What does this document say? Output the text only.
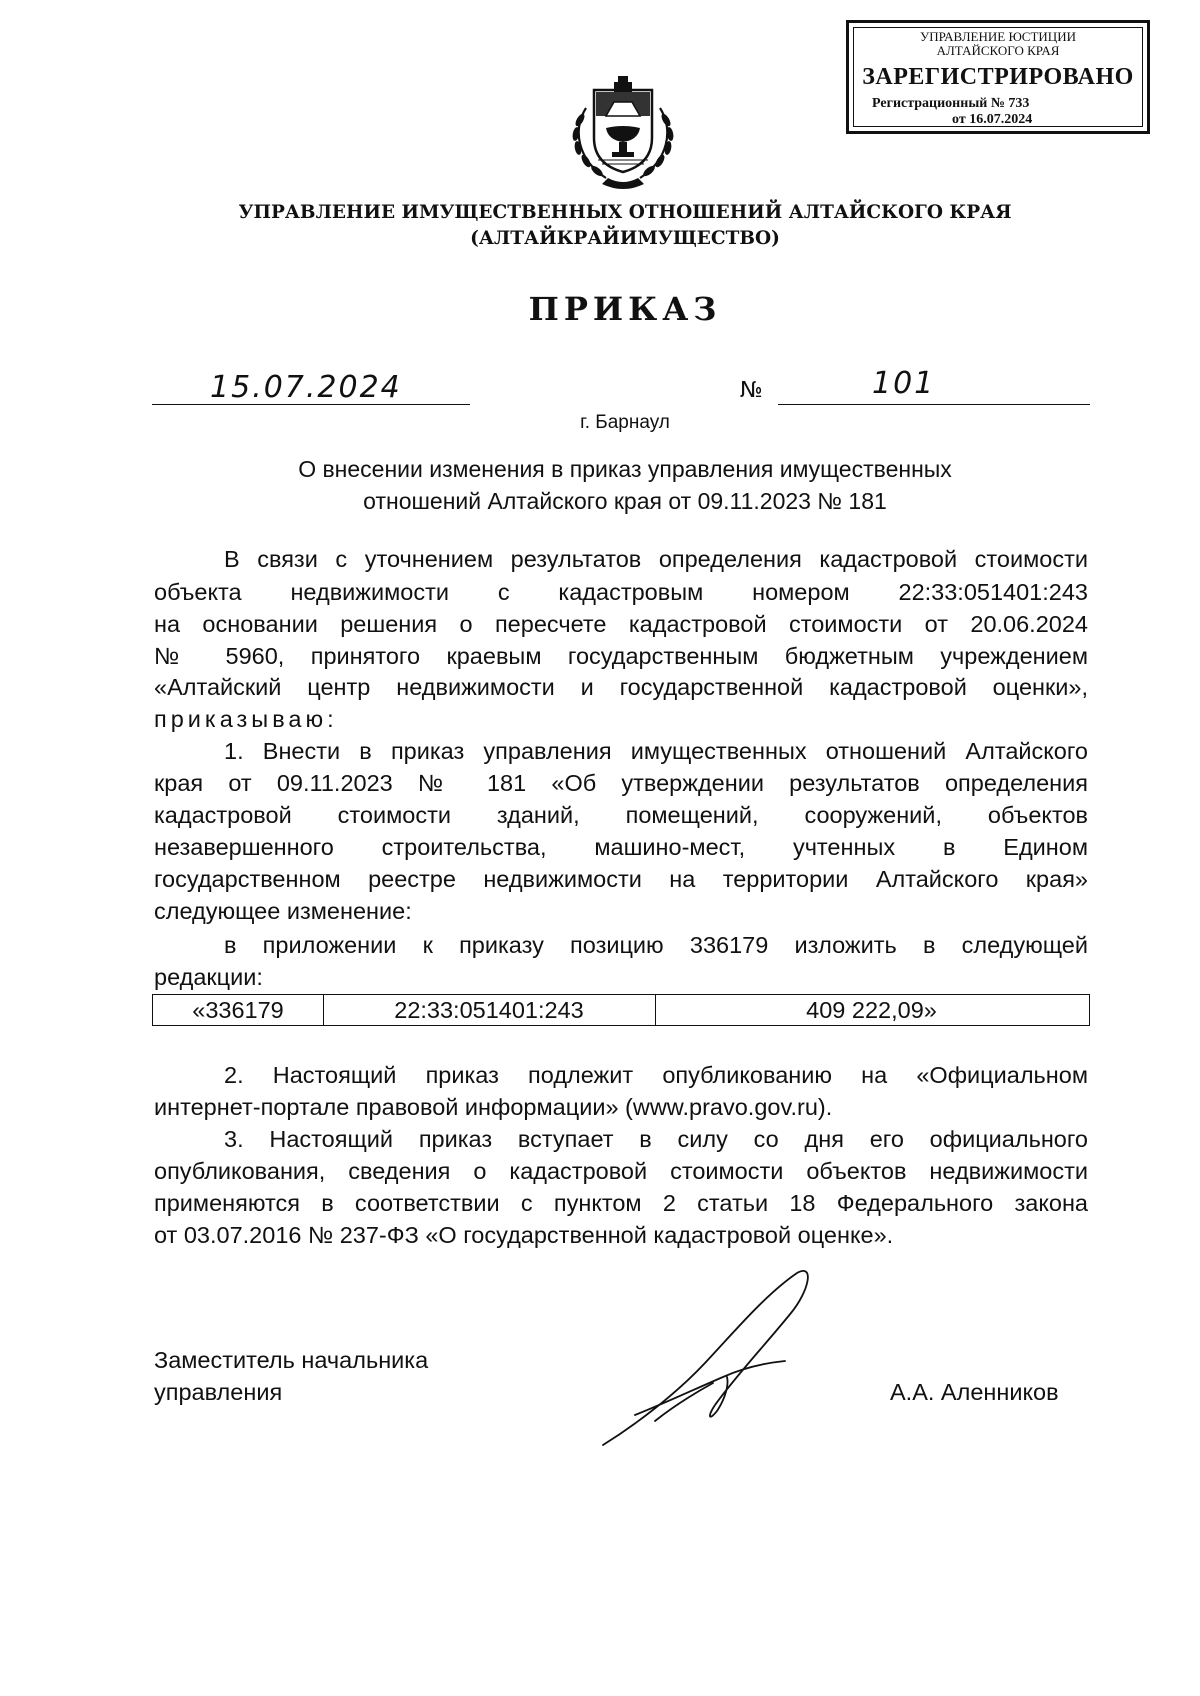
УПРАВЛЕНИЕ ЮСТИЦИИ
АЛТАЙСКОГО КРАЯ
ЗАРЕГИСТРИРОВАНО
Регистрационный № 733
от 16.07.2024
УПРАВЛЕНИЕ ИМУЩЕСТВЕННЫХ ОТНОШЕНИЙ АЛТАЙСКОГО КРАЯ
(АЛТАЙКРАЙИМУЩЕСТВО)
ПРИКАЗ
15.07.2024	№	101
г. Барнаул
О внесении изменения в приказ управления имущественных
отношений Алтайского края от 09.11.2023 № 181
В связи с уточнением результатов определения кадастровой стоимости
объекта недвижимости с кадастровым номером 22:33:051401:243
на основании решения о пересчете кадастровой стоимости от 20.06.2024
№ 5960, принятого краевым государственным бюджетным учреждением
«Алтайский центр недвижимости и государственной кадастровой оценки»,
приказываю:
1. Внести в приказ управления имущественных отношений Алтайского
края от 09.11.2023 № 181 «Об утверждении результатов определения
кадастровой стоимости зданий, помещений, сооружений, объектов
незавершенного строительства, машино-мест, учтенных в Едином
государственном реестре недвижимости на территории Алтайского края»
следующее изменение:
в приложении к приказу позицию 336179 изложить в следующей
редакции:
«336179	22:33:051401:243	409 222,09»
2. Настоящий приказ подлежит опубликованию на «Официальном
интернет-портале правовой информации» (www.pravo.gov.ru).
3. Настоящий приказ вступает в силу со дня его официального
опубликования, сведения о кадастровой стоимости объектов недвижимости
применяются в соответствии с пунктом 2 статьи 18 Федерального закона
от 03.07.2016 № 237-ФЗ «О государственной кадастровой оценке».
Заместитель начальника
управления	А.А. Аленников
